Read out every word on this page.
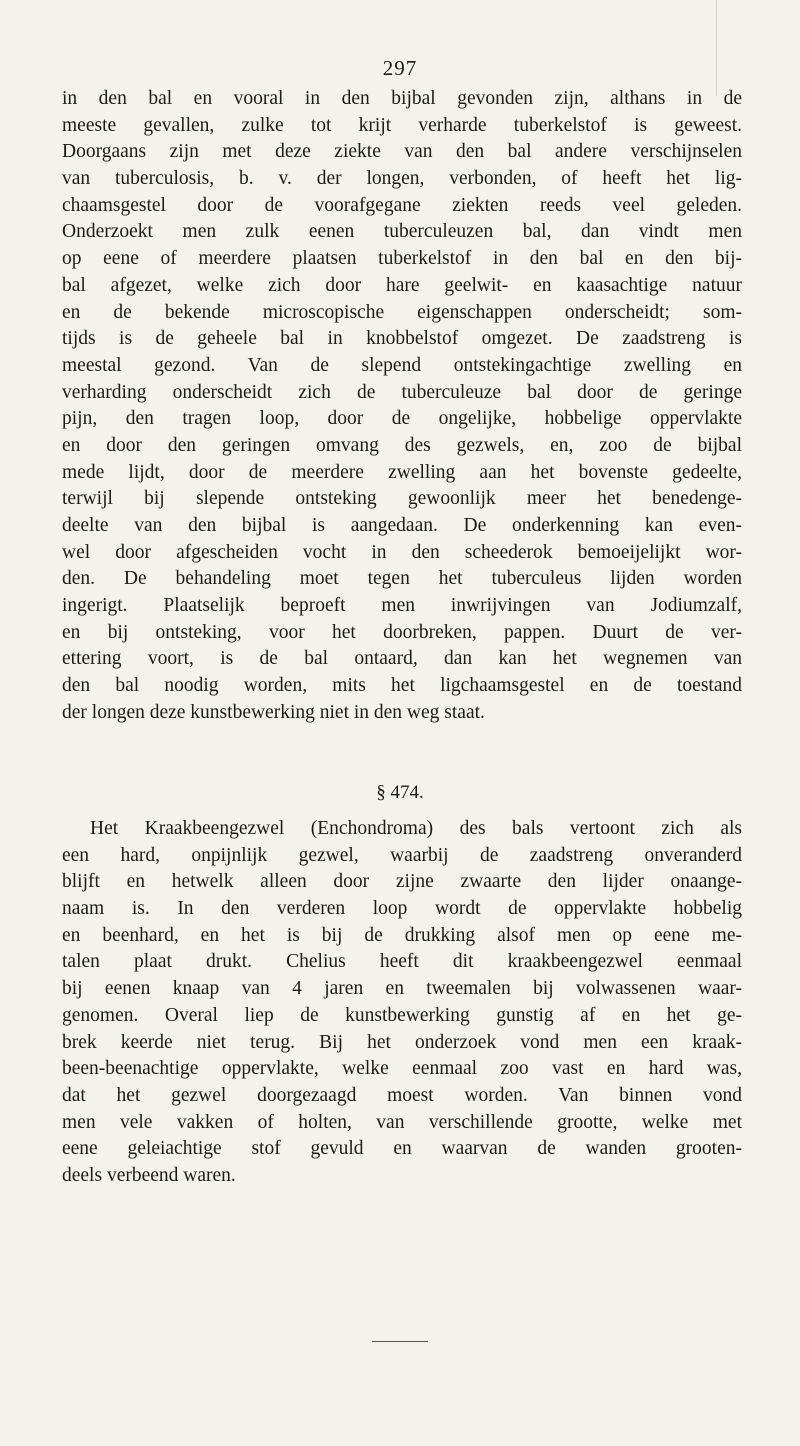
297
in den bal en vooral in den bijbal gevonden zijn, althans in de
meeste gevallen, zulke tot krijt verharde tuberkelstof is geweest.
Doorgaans zijn met deze ziekte van den bal andere verschijnselen
van tuberculosis, b. v. der longen, verbonden, of heeft het lig-
chaamsgestel door de voorafgegane ziekten reeds veel geleden.
Onderzoekt men zulk eenen tuberculeuzen bal, dan vindt men
op eene of meerdere plaatsen tuberkelstof in den bal en den bij-
bal afgezet, welke zich door hare geelwit- en kaasachtige natuur
en de bekende microscopische eigenschappen onderscheidt; som-
tijds is de geheele bal in knobbelstof omgezet. De zaadstreng is
meestal gezond. Van de slepend ontstekingachtige zwelling en
verharding onderscheidt zich de tuberculeuze bal door de geringe
pijn, den tragen loop, door de ongelijke, hobbelige oppervlakte
en door den geringen omvang des gezwels, en, zoo de bijbal
mede lijdt, door de meerdere zwelling aan het bovenste gedeelte,
terwijl bij slepende ontsteking gewoonlijk meer het benedenge-
deelte van den bijbal is aangedaan. De onderkenning kan even-
wel door afgescheiden vocht in den scheederok bemoeijelijkt wor-
den. De behandeling moet tegen het tuberculeus lijden worden
ingerigt. Plaatselijk beproeft men inwrijvingen van Jodiumzalf,
en bij ontsteking, voor het doorbreken, pappen. Duurt de ver-
ettering voort, is de bal ontaard, dan kan het wegnemen van
den bal noodig worden, mits het ligchaamsgestel en de toestand
der longen deze kunstbewerking niet in den weg staat.
§ 474.
Het Kraakbeengezwel (Enchondroma) des bals vertoont zich als
een hard, onpijnlijk gezwel, waarbij de zaadstreng onveranderd
blijft en hetwelk alleen door zijne zwaarte den lijder onaange-
naam is. In den verderen loop wordt de oppervlakte hobbelig
en beenhard, en het is bij de drukking alsof men op eene me-
talen plaat drukt. Chelius heeft dit kraakbeengezwel eenmaal
bij eenen knaap van 4 jaren en tweemalen bij volwassenen waar-
genomen. Overal liep de kunstbewerking gunstig af en het ge-
brek keerde niet terug. Bij het onderzoek vond men een kraak-
been-beenachtige oppervlakte, welke eenmaal zoo vast en hard was,
dat het gezwel doorgezaagd moest worden. Van binnen vond
men vele vakken of holten, van verschillende grootte, welke met
eene geleiachtige stof gevuld en waarvan de wanden grooten-
deels verbeend waren.
